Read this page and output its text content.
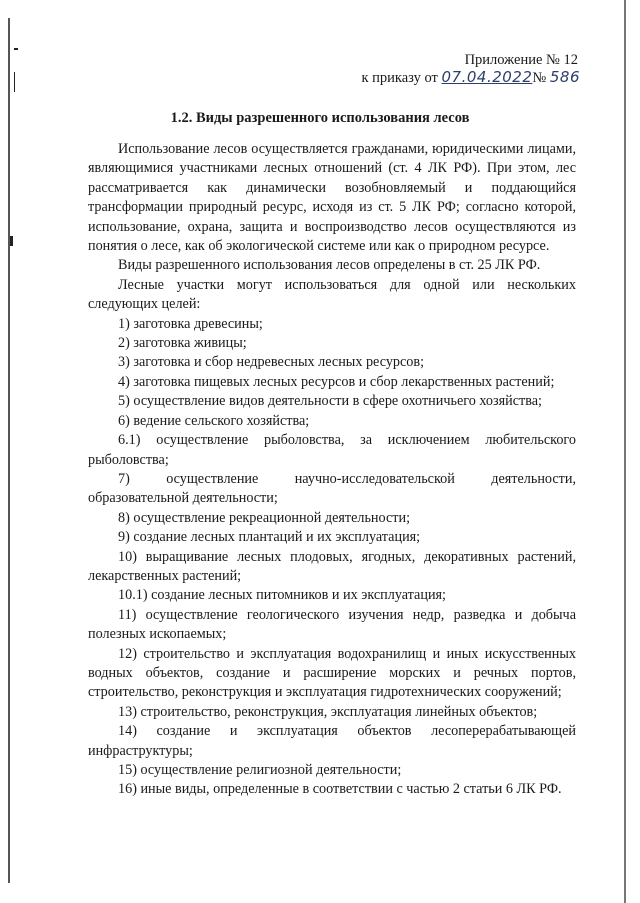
Приложение № 12
к приказу от 07.04.2022№ 586
1.2. Виды разрешенного использования лесов

Использование лесов осуществляется гражданами, юридическими лицами, являющимися участниками лесных отношений (ст. 4 ЛК РФ). При этом, лес рассматривается как динамически возобновляемый и поддающийся трансформации природный ресурс, исходя из ст. 5 ЛК РФ; согласно которой, использование, охрана, защита и воспроизводство лесов осуществляются из понятия о лесе, как об экологической системе или как о природном ресурсе.

Виды разрешенного использования лесов определены в ст. 25 ЛК РФ.

Лесные участки могут использоваться для одной или нескольких следующих целей:

1) заготовка древесины;

2) заготовка живицы;

3) заготовка и сбор недревесных лесных ресурсов;

4) заготовка пищевых лесных ресурсов и сбор лекарственных растений;

5) осуществление видов деятельности в сфере охотничьего хозяйства;

6) ведение сельского хозяйства;

6.1) осуществление рыболовства, за исключением любительского рыболовства;

7) осуществление научно-исследовательской деятельности, образовательной деятельности;

8) осуществление рекреационной деятельности;

9) создание лесных плантаций и их эксплуатация;

10) выращивание лесных плодовых, ягодных, декоративных растений, лекарственных растений;

10.1) создание лесных питомников и их эксплуатация;

11) осуществление геологического изучения недр, разведка и добыча полезных ископаемых;

12) строительство и эксплуатация водохранилищ и иных искусственных водных объектов, создание и расширение морских и речных портов, строительство, реконструкция и эксплуатация гидротехнических сооружений;

13) строительство, реконструкция, эксплуатация линейных объектов;

14) создание и эксплуатация объектов лесоперерабатывающей инфраструктуры;

15) осуществление религиозной деятельности;

16) иные виды, определенные в соответствии с частью 2 статьи 6 ЛК РФ.
